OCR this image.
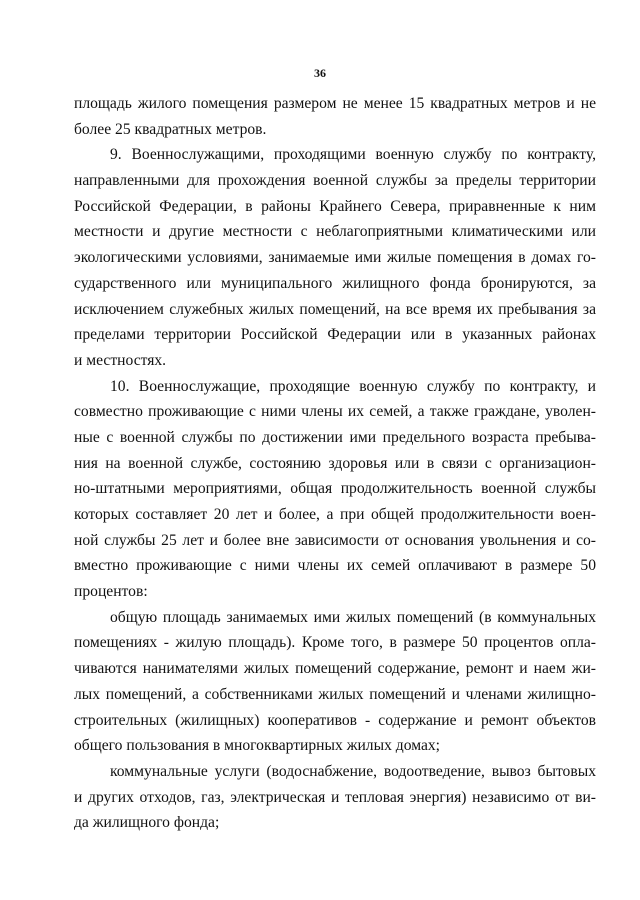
36
площадь жилого помещения размером не менее 15 квадратных метров и не
более 25 квадратных метров.
9. Военнослужащими, проходящими военную службу по контракту,
направленными для прохождения военной службы за пределы территории
Российской Федерации, в районы Крайнего Севера, приравненные к ним
местности и другие местности с неблагоприятными климатическими или
экологическими условиями, занимаемые ими жилые помещения в домах го-
сударственного или муниципального жилищного фонда бронируются, за
исключением служебных жилых помещений, на все время их пребывания за
пределами территории Российской Федерации или в указанных районах
и местностях.
10. Военнослужащие, проходящие военную службу по контракту, и
совместно проживающие с ними члены их семей, а также граждане, уволен-
ные с военной службы по достижении ими предельного возраста пребыва-
ния на военной службе, состоянию здоровья или в связи с организацион-
но-штатными мероприятиями, общая продолжительность военной службы
которых составляет 20 лет и более, а при общей продолжительности воен-
ной службы 25 лет и более вне зависимости от основания увольнения и со-
вместно проживающие с ними члены их семей оплачивают в размере 50
процентов:
общую площадь занимаемых ими жилых помещений (в коммунальных
помещениях - жилую площадь). Кроме того, в размере 50 процентов опла-
чиваются нанимателями жилых помещений содержание, ремонт и наем жи-
лых помещений, а собственниками жилых помещений и членами жилищно-
строительных (жилищных) кооперативов - содержание и ремонт объектов
общего пользования в многоквартирных жилых домах;
коммунальные услуги (водоснабжение, водоотведение, вывоз бытовых
и других отходов, газ, электрическая и тепловая энергия) независимо от ви-
да жилищного фонда;
